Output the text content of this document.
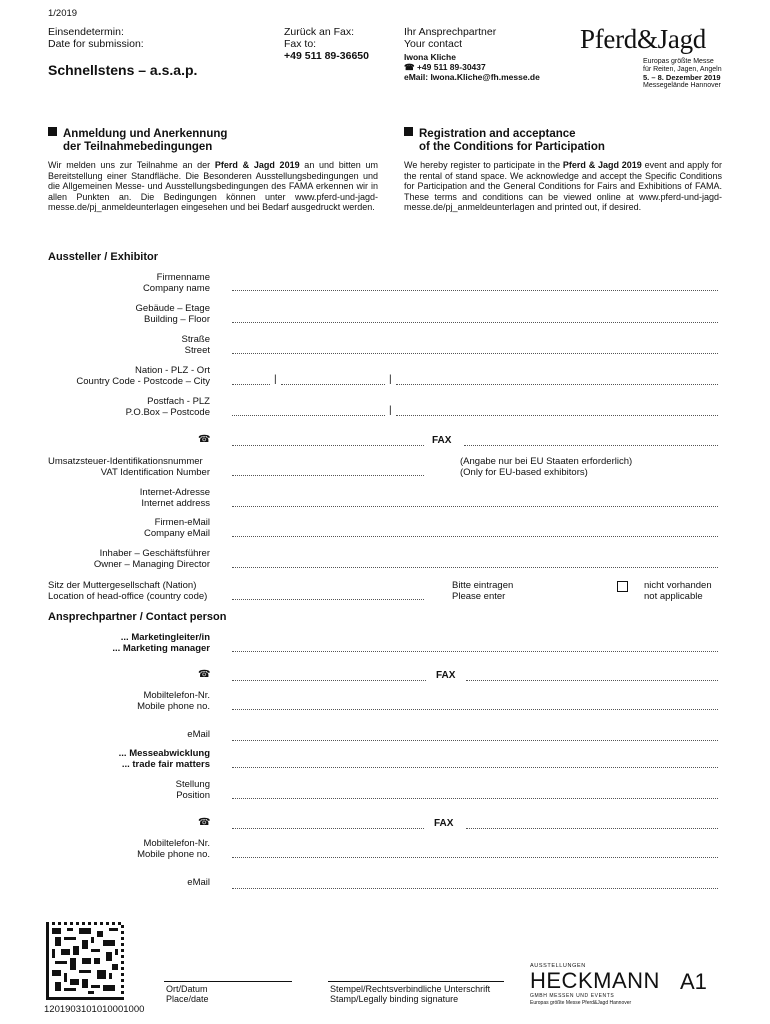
1/2019
Einsendetermin:
Date for submission:
Schnellstens – a.s.a.p.
Zurück an Fax:
Fax to:
+49 511 89-36650
Ihr Ansprechpartner
Your contact
Iwona Kliche
☎ +49 511 89-30437
eMail: Iwona.Kliche@fh.messe.de
Pferd&Jagd
Europas größte Messe
für Reiten, Jagen, Angeln
5. – 8. Dezember 2019
Messegelände Hannover
Anmeldung und Anerkennung
der Teilnahmebedingungen

Wir melden uns zur Teilnahme an der Pferd & Jagd 2019 an und bitten um Bereitstellung einer Standfläche. Die Besonderen Ausstellungsbedingungen und die Allgemeinen Messe- und Ausstellungsbedingungen des FAMA erkennen wir in allen Punkten an. Die Bedingungen können unter www.pferd-und-jagd-messe.de/pj_anmeldeunterlagen eingesehen und bei Bedarf ausgedruckt werden.

Registration and acceptance
of the Conditions for Participation

We hereby register to participate in the Pferd & Jagd 2019 event and apply for the rental of stand space. We acknowledge and accept the Specific Conditions for Participation and the General Conditions for Fairs and Exhibitions of FAMA. These terms and conditions can be viewed online at www.pferd-und-jagd-messe.de/pj_anmeldeunterlagen and printed out, if desired.

Aussteller / Exhibitor
Firmenname
Company name
Gebäude – Etage
Building – Floor
Straße
Street
Nation - PLZ - Ort
Country Code - Postcode – City	|	|
Postfach - PLZ
P.O.Box – Postcode	|
☎	FAX
Umsatzsteuer-Identifikationsnummer
VAT Identification Number
(Angabe nur bei EU Staaten erforderlich)
(Only for EU-based exhibitors)
Internet-Adresse
Internet address
Firmen-eMail
Company eMail
Inhaber – Geschäftsführer
Owner – Managing Director
Sitz der Muttergesellschaft (Nation)
Location of head-office (country code)
Bitte eintragen
Please enter
nicht vorhanden
not applicable
Ansprechpartner / Contact person
... Marketingleiter/in
... Marketing manager
☎	FAX
Mobiltelefon-Nr.
Mobile phone no.
eMail
... Messeabwicklung
... trade fair matters
Stellung
Position
☎	FAX
Mobiltelefon-Nr.
Mobile phone no.
eMail
1201903101010001000
Ort/Datum
Place/date
Stempel/Rechtsverbindliche Unterschrift
Stamp/Legally binding signature
AUSSTELLUNGEN
HECKMANN
GMBH MESSEN UND EVENTS
Europas größte Messe Pferd&Jagd Hannover
A1
